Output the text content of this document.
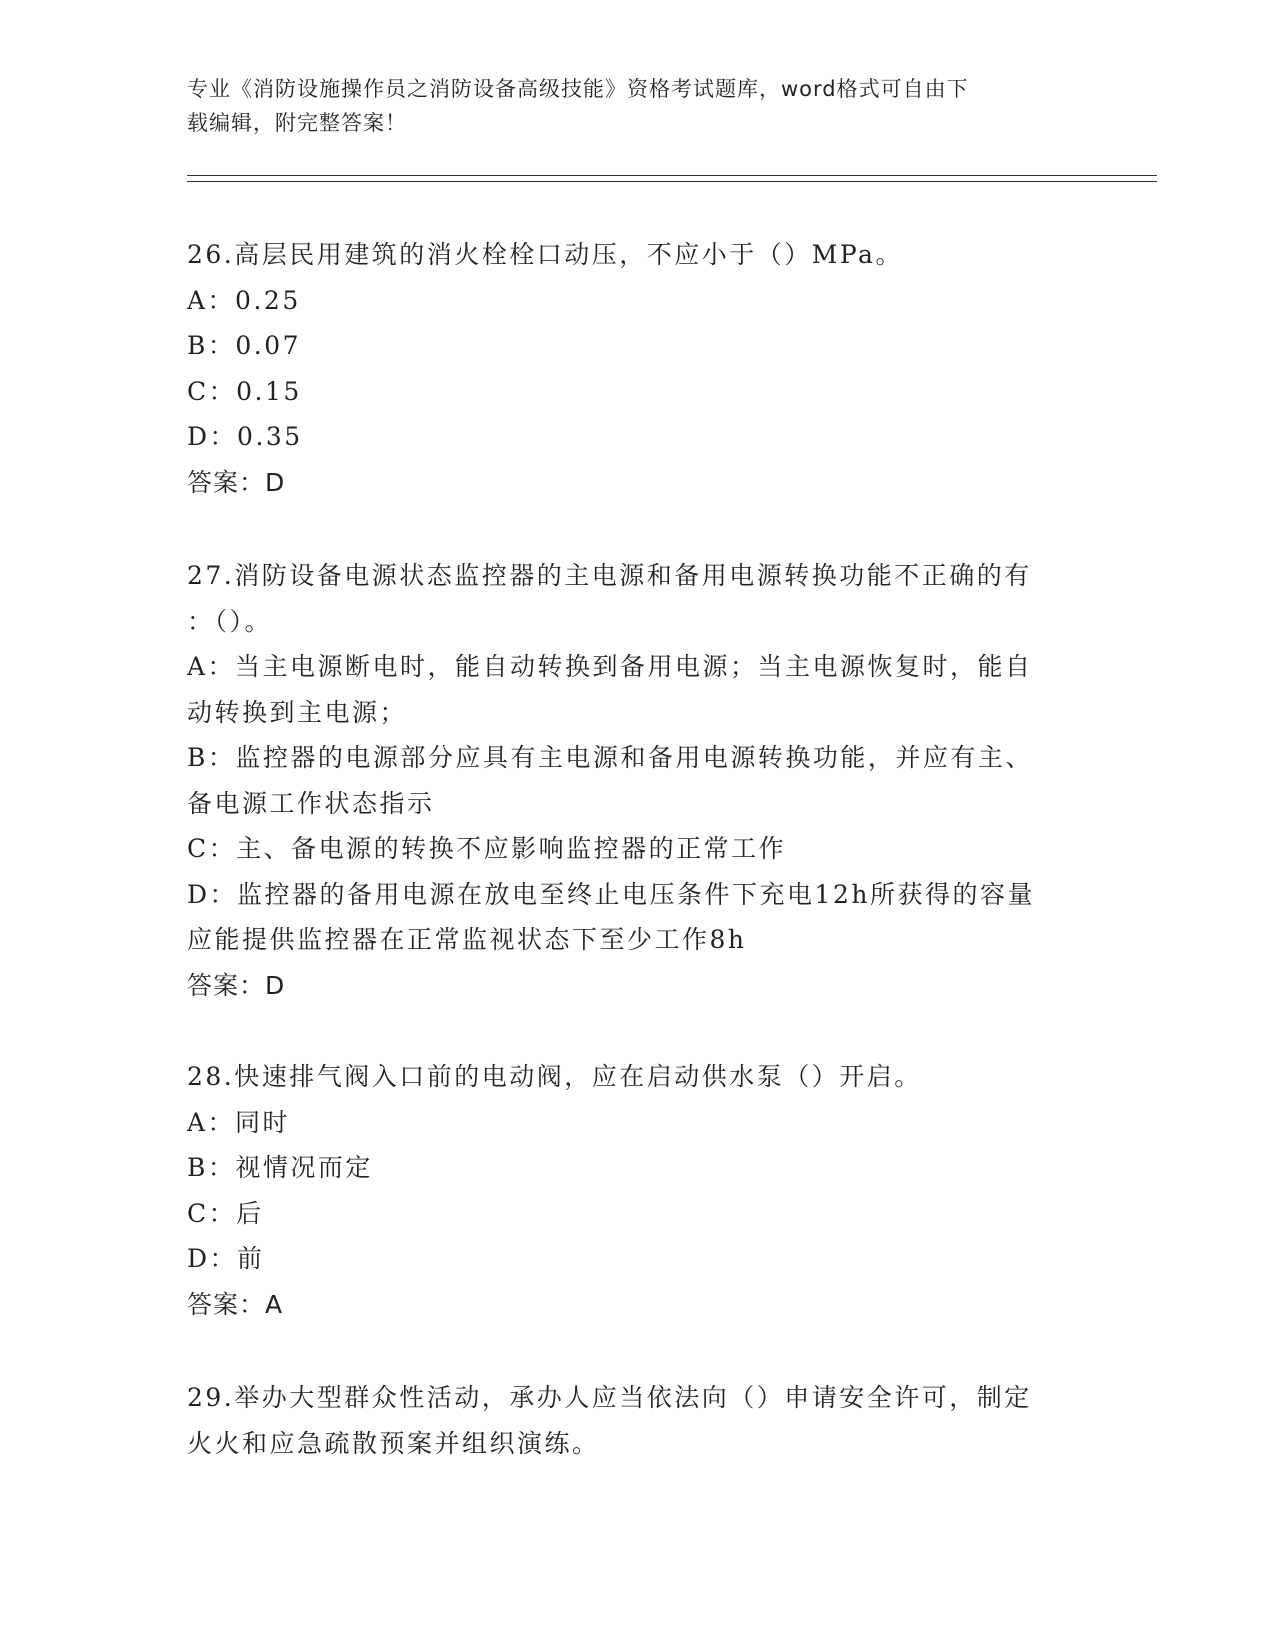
专业《消防设施操作员之消防设备高级技能》资格考试题库，word格式可自由下
载编辑，附完整答案！
26.高层民用建筑的消火栓栓口动压，不应小于（）MPa。
A：0.25
B：0.07
C：0.15
D：0.35
答案：D
27.消防设备电源状态监控器的主电源和备用电源转换功能不正确的有
：（）。
A：当主电源断电时，能自动转换到备用电源；当主电源恢复时，能自
动转换到主电源；
B：监控器的电源部分应具有主电源和备用电源转换功能，并应有主、
备电源工作状态指示
C：主、备电源的转换不应影响监控器的正常工作
D：监控器的备用电源在放电至终止电压条件下充电12h所获得的容量
应能提供监控器在正常监视状态下至少工作8h
答案：D
28.快速排气阀入口前的电动阀，应在启动供水泵（）开启。
A：同时
B：视情况而定
C：后
D：前
答案：A
29.举办大型群众性活动，承办人应当依法向（）申请安全许可，制定
火火和应急疏散预案并组织演练。
